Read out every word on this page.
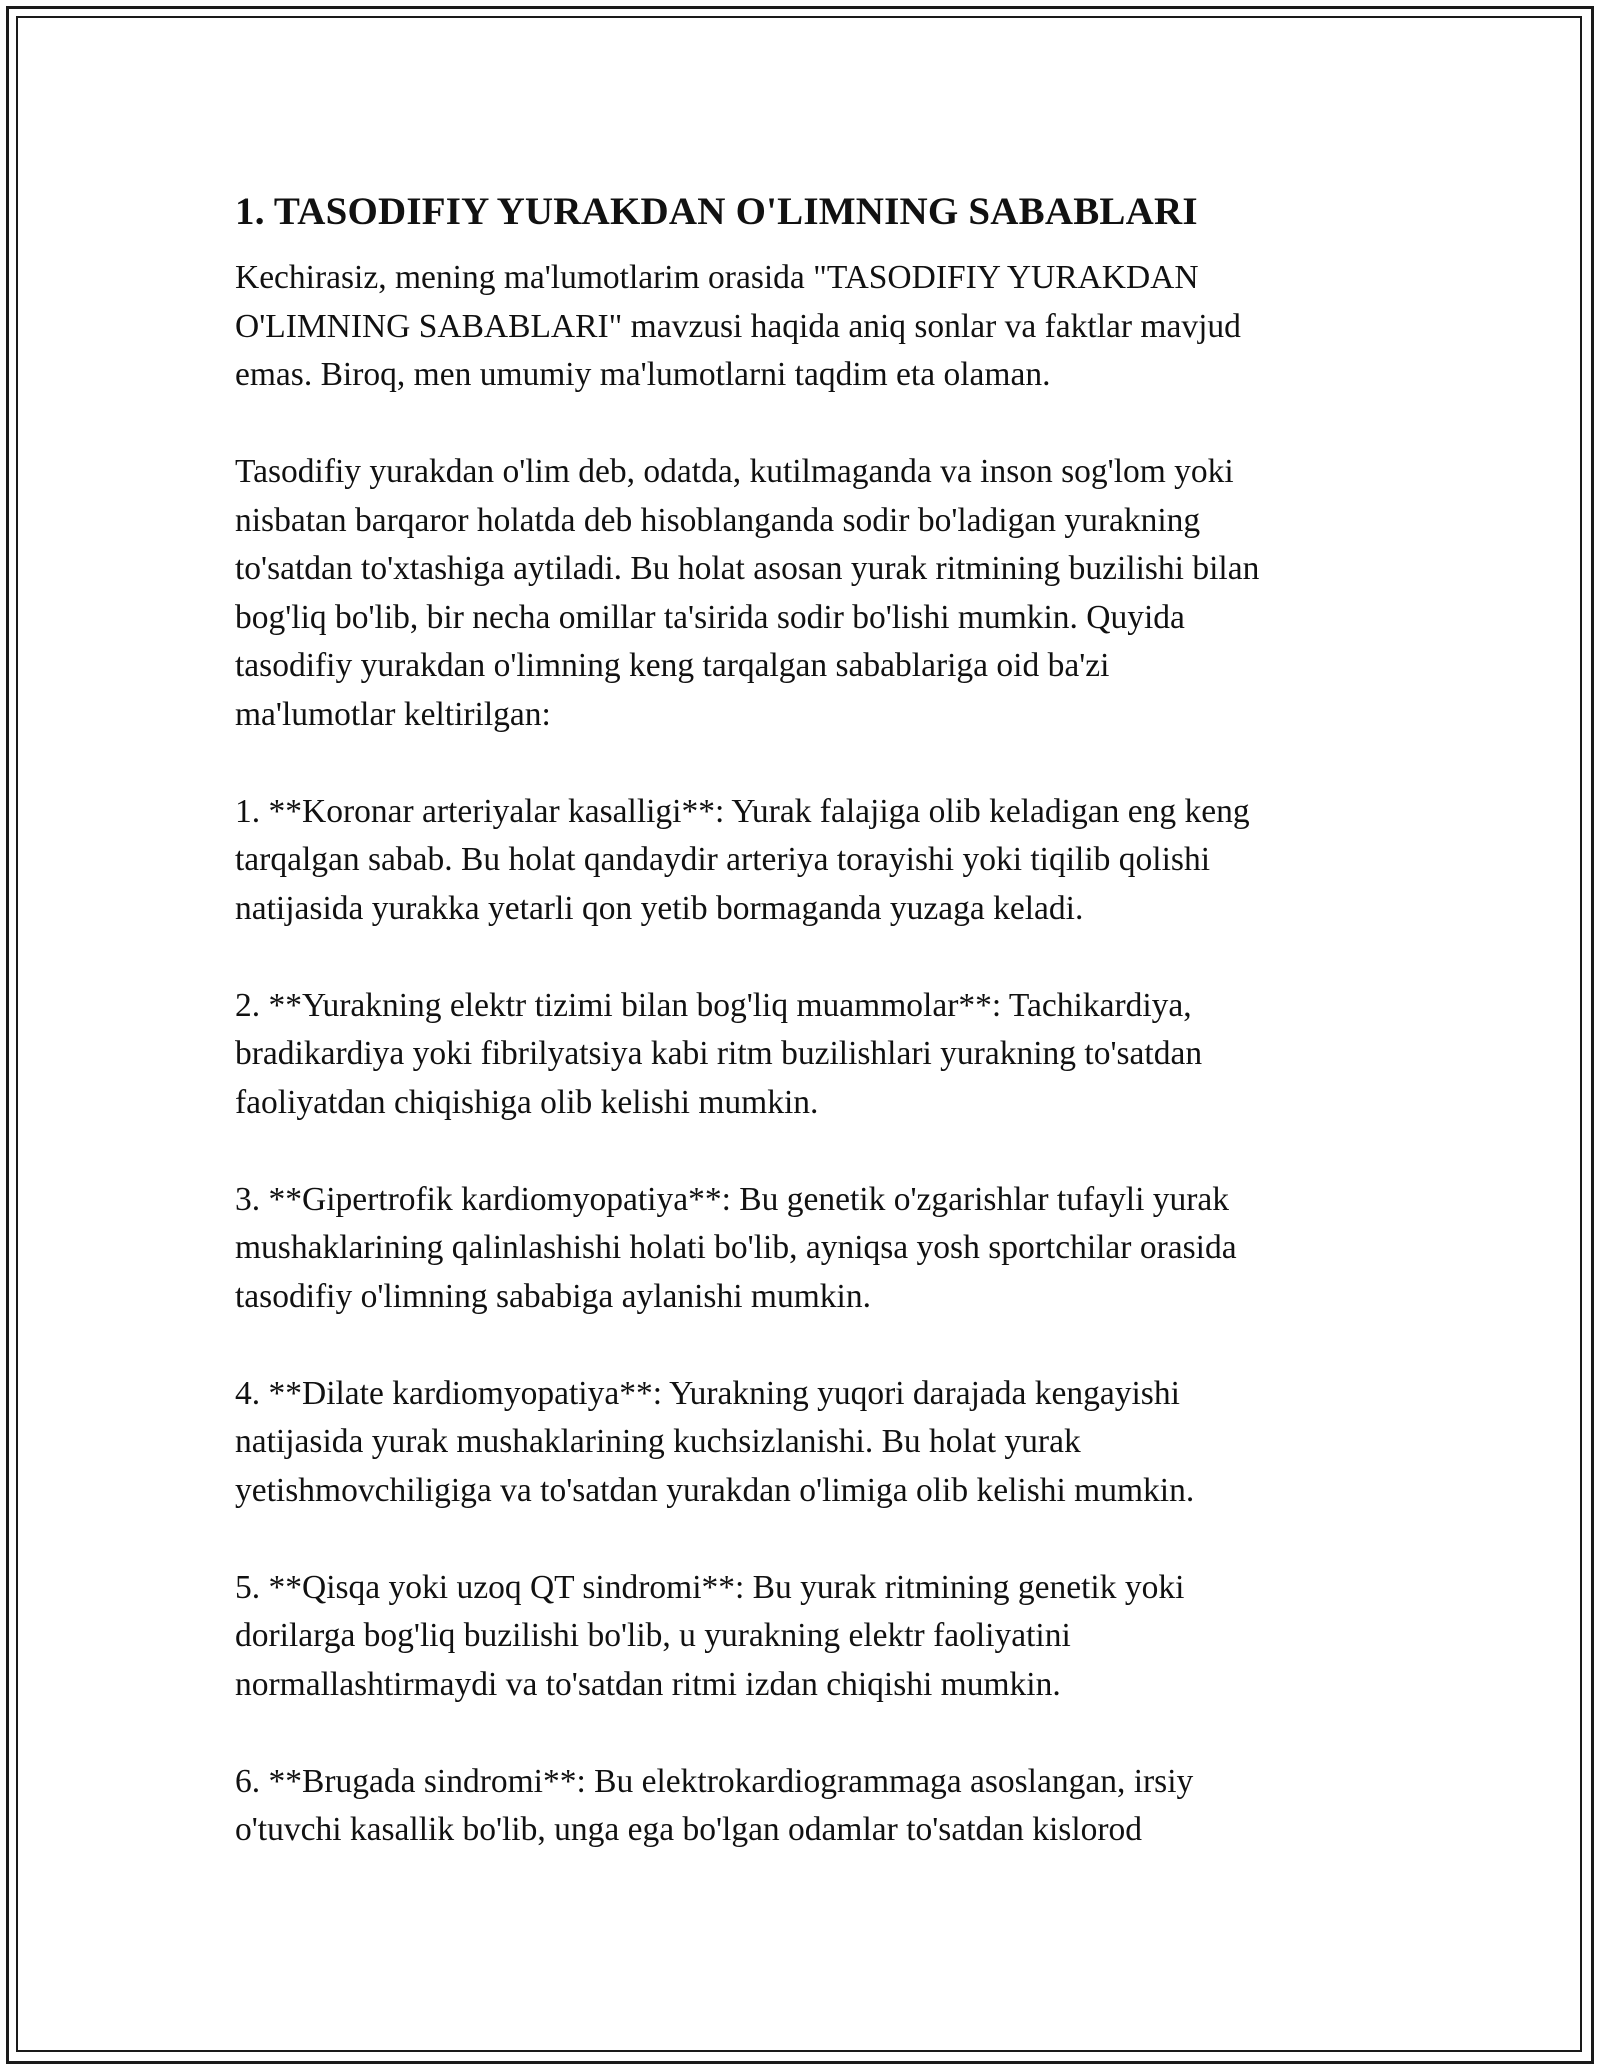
1. TASODIFIY YURAKDAN O'LIMNING SABABLARI

Kechirasiz, mening ma'lumotlarim orasida "TASODIFIY YURAKDAN
O'LIMNING SABABLARI" mavzusi haqida aniq sonlar va faktlar mavjud
emas. Biroq, men umumiy ma'lumotlarni taqdim eta olaman.

Tasodifiy yurakdan o'lim deb, odatda, kutilmaganda va inson sog'lom yoki
nisbatan barqaror holatda deb hisoblanganda sodir bo'ladigan yurakning
to'satdan to'xtashiga aytiladi. Bu holat asosan yurak ritmining buzilishi bilan
bog'liq bo'lib, bir necha omillar ta'sirida sodir bo'lishi mumkin. Quyida
tasodifiy yurakdan o'limning keng tarqalgan sabablariga oid ba'zi
ma'lumotlar keltirilgan:

1. **Koronar arteriyalar kasalligi**: Yurak falajiga olib keladigan eng keng
tarqalgan sabab. Bu holat qandaydir arteriya torayishi yoki tiqilib qolishi
natijasida yurakka yetarli qon yetib bormaganda yuzaga keladi.

2. **Yurakning elektr tizimi bilan bog'liq muammolar**: Tachikardiya,
bradikardiya yoki fibrilyatsiya kabi ritm buzilishlari yurakning to'satdan
faoliyatdan chiqishiga olib kelishi mumkin.

3. **Gipertrofik kardiomyopatiya**: Bu genetik o'zgarishlar tufayli yurak
mushaklarining qalinlashishi holati bo'lib, ayniqsa yosh sportchilar orasida
tasodifiy o'limning sababiga aylanishi mumkin.

4. **Dilate kardiomyopatiya**: Yurakning yuqori darajada kengayishi
natijasida yurak mushaklarining kuchsizlanishi. Bu holat yurak
yetishmovchiligiga va to'satdan yurakdan o'limiga olib kelishi mumkin.

5. **Qisqa yoki uzoq QT sindromi**: Bu yurak ritmining genetik yoki
dorilarga bog'liq buzilishi bo'lib, u yurakning elektr faoliyatini
normallashtirmaydi va to'satdan ritmi izdan chiqishi mumkin.

6. **Brugada sindromi**: Bu elektrokardiogrammaga asoslangan, irsiy
o'tuvchi kasallik bo'lib, unga ega bo'lgan odamlar to'satdan kislorod
